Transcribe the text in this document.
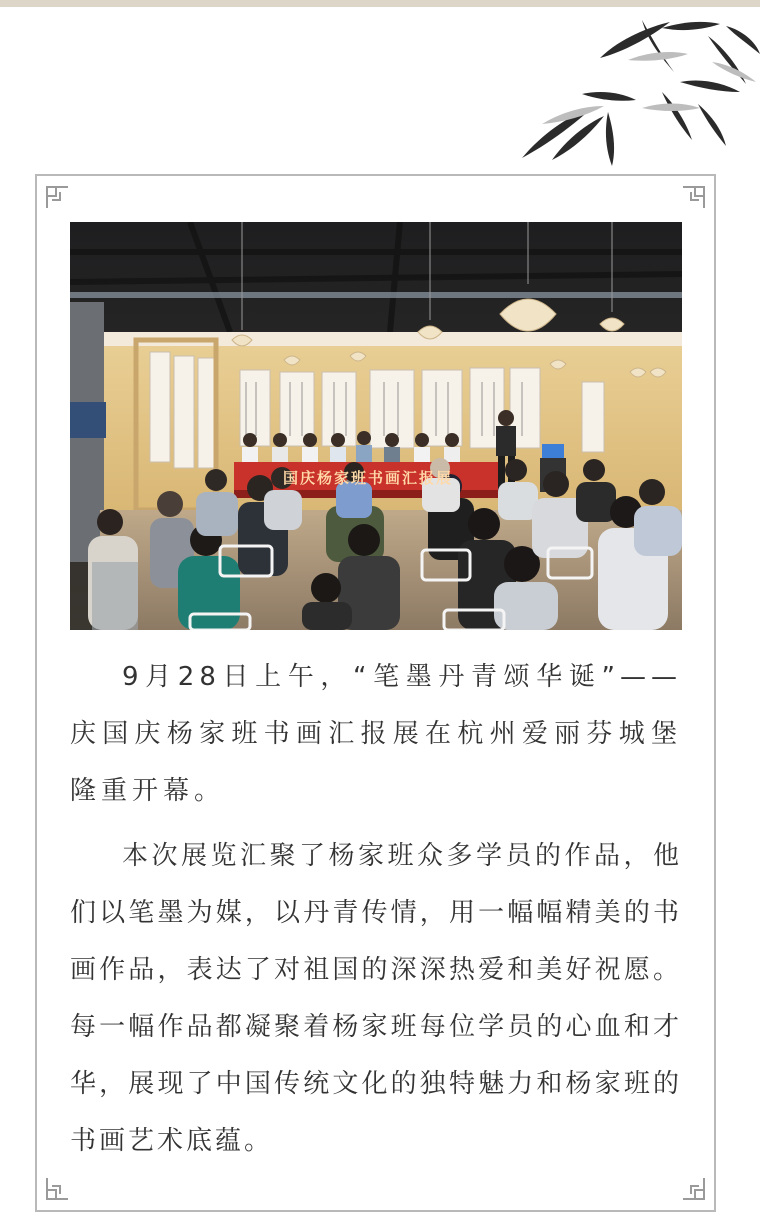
国庆杨家班书画汇报展

9月28日上午，“笔墨丹青颂华诞”——庆国庆杨家班书画汇报展在杭州爱丽芬城堡隆重开幕。

本次展览汇聚了杨家班众多学员的作品，他们以笔墨为媒，以丹青传情，用一幅幅精美的书画作品，表达了对祖国的深深热爱和美好祝愿。每一幅作品都凝聚着杨家班每位学员的心血和才华，展现了中国传统文化的独特魅力和杨家班的书画艺术底蕴。
